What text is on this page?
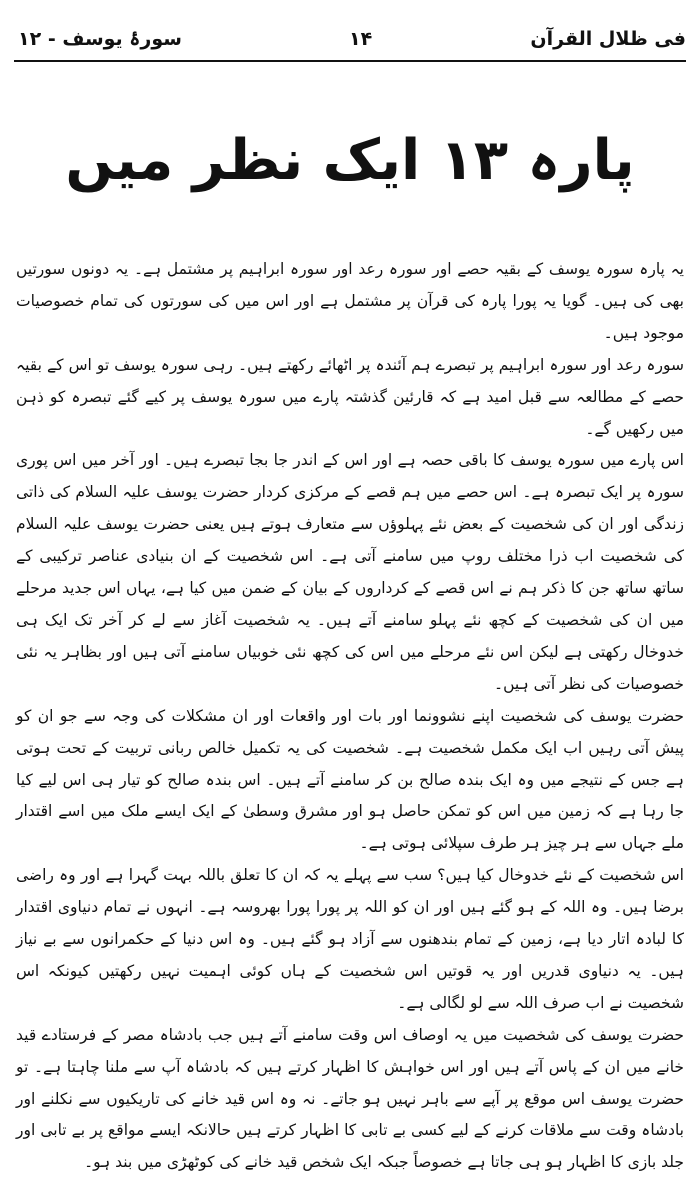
فی ظلال القرآن
۱۴
سورۂ یوسف - ۱۲
پارہ ۱۳ ایک نظر میں

یہ پارہ سورہ یوسف کے بقیہ حصے اور سورہ رعد اور سورہ ابراہیم پر مشتمل ہے۔ یہ دونوں سورتیں بھی کی ہیں۔ گویا یہ پورا پارہ کی قرآن پر مشتمل ہے اور اس میں کی سورتوں کی تمام خصوصیات موجود ہیں۔

سورہ رعد اور سورہ ابراہیم پر تبصرے ہم آئندہ پر اٹھائے رکھتے ہیں۔ رہی سورہ یوسف تو اس کے بقیہ حصے کے مطالعہ سے قبل امید ہے کہ قارئین گذشتہ پارے میں سورہ یوسف پر کیے گئے تبصرہ کو ذہن میں رکھیں گے۔

اس پارے میں سورہ یوسف کا باقی حصہ ہے اور اس کے اندر جا بجا تبصرے ہیں۔ اور آخر میں اس پوری سورہ پر ایک تبصرہ ہے۔ اس حصے میں ہم قصے کے مرکزی کردار حضرت یوسف علیہ السلام کی ذاتی زندگی اور ان کی شخصیت کے بعض نئے پہلوؤں سے متعارف ہوتے ہیں یعنی حضرت یوسف علیہ السلام کی شخصیت اب ذرا مختلف روپ میں سامنے آتی ہے۔ اس شخصیت کے ان بنیادی عناصر ترکیبی کے ساتھ ساتھ جن کا ذکر ہم نے اس قصے کے کرداروں کے بیان کے ضمن میں کیا ہے، یہاں اس جدید مرحلے میں ان کی شخصیت کے کچھ نئے پہلو سامنے آتے ہیں۔ یہ شخصیت آغاز سے لے کر آخر تک ایک ہی خدوخال رکھتی ہے لیکن اس نئے مرحلے میں اس کی کچھ نئی خوبیاں سامنے آتی ہیں اور بظاہر یہ نئی خصوصیات کی نظر آتی ہیں۔

حضرت یوسف کی شخصیت اپنے نشوونما اور بات اور واقعات اور ان مشکلات کی وجہ سے جو ان کو پیش آتی رہیں اب ایک مکمل شخصیت ہے۔ شخصیت کی یہ تکمیل خالص ربانی تربیت کے تحت ہوتی ہے جس کے نتیجے میں وہ ایک بندہ صالح بن کر سامنے آتے ہیں۔ اس بندہ صالح کو تیار ہی اس لیے کیا جا رہا ہے کہ زمین میں اس کو تمکن حاصل ہو اور مشرق وسطیٰ کے ایک ایسے ملک میں اسے اقتدار ملے جہاں سے ہر چیز ہر طرف سپلائی ہوتی ہے۔

اس شخصیت کے نئے خدوخال کیا ہیں؟ سب سے پہلے یہ کہ ان کا تعلق باللہ بہت گہرا ہے اور وہ راضی برضا ہیں۔ وہ اللہ کے ہو گئے ہیں اور ان کو اللہ پر پورا پورا بھروسہ ہے۔ انہوں نے تمام دنیاوی اقتدار کا لبادہ اتار دیا ہے، زمین کے تمام بندھنوں سے آزاد ہو گئے ہیں۔ وہ اس دنیا کے حکمرانوں سے بے نیاز ہیں۔ یہ دنیاوی قدریں اور یہ قوتیں اس شخصیت کے ہاں کوئی اہمیت نہیں رکھتیں کیونکہ اس شخصیت نے اب صرف اللہ سے لو لگالی ہے۔

حضرت یوسف کی شخصیت میں یہ اوصاف اس وقت سامنے آتے ہیں جب بادشاہ مصر کے فرستادے قید خانے میں ان کے پاس آتے ہیں اور اس خواہش کا اظہار کرتے ہیں کہ بادشاہ آپ سے ملنا چاہتا ہے۔ تو حضرت یوسف اس موقع پر آپے سے باہر نہیں ہو جاتے۔ نہ وہ اس قید خانے کی تاریکیوں سے نکلنے اور بادشاہ وقت سے ملاقات کرنے کے لیے کسی بے تابی کا اظہار کرتے ہیں حالانکہ ایسے مواقع پر بے تابی اور جلد بازی کا اظہار ہو ہی جاتا ہے خصوصاً جبکہ ایک شخص قید خانے کی کوٹھڑی میں بند ہو۔
